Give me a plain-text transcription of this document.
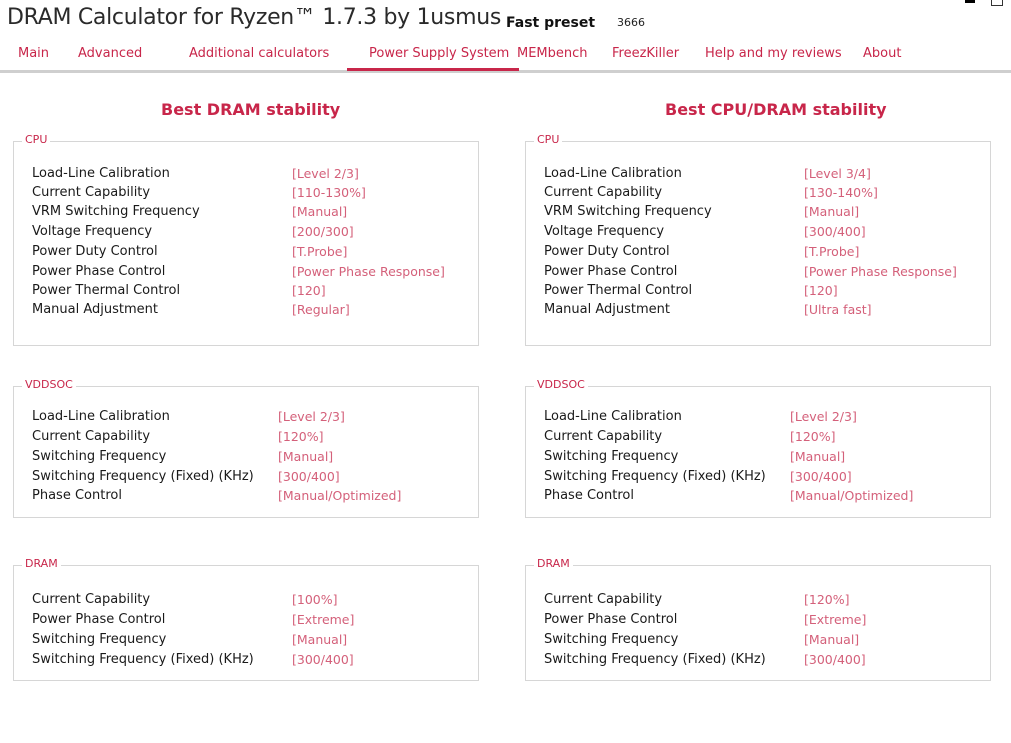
DRAM Calculator for Ryzen™ 1.7.3 by 1usmus Fast preset 3666
Main Advanced	Additional calculators	Power Supply System MEMbench FreezKiller Help and my reviews About
Best DRAM stability
CPU
Load-Line Calibration	[Level 2/3]
Current Capability	[110-130%]
VRM Switching Frequency	[Manual]
Voltage Frequency	[200/300]
Power Duty Control	[T.Probe]
Power Phase Control	[Power Phase Response]
Power Thermal Control	[120]
Manual Adjustment	[Regular]
VDDSOC
Load-Line Calibration	[Level 2/3]
Current Capability	[120%]
Switching Frequency	[Manual]
Switching Frequency (Fixed) (KHz) [300/400]
Phase Control	[Manual/Optimized]
DRAM
Current Capability	[100%]
Power Phase Control	[Extreme]
Switching Frequency	[Manual]
Switching Frequency (Fixed) (KHz)	[300/400]
Best CPU/DRAM stability
CPU
Load-Line Calibration	[Level 3/4]
Current Capability	[130-140%]
VRM Switching Frequency	[Manual]
Voltage Frequency	[300/400]
Power Duty Control	[T.Probe]
Power Phase Control	[Power Phase Response]
Power Thermal Control	[120]
Manual Adjustment	[Ultra fast]
VDDSOC
Load-Line Calibration	[Level 2/3]
Current Capability	[120%]
Switching Frequency	[Manual]
Switching Frequency (Fixed) (KHz) [300/400]
Phase Control	[Manual/Optimized]
DRAM
Current Capability	[120%]
Power Phase Control	[Extreme]
Switching Frequency	[Manual]
Switching Frequency (Fixed) (KHz)	[300/400]
